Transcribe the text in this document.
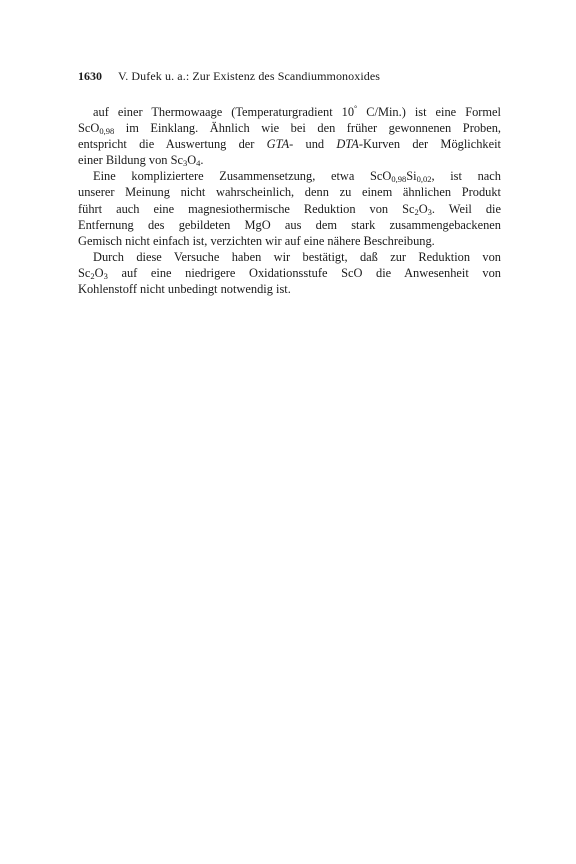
1630	V. Dufek u. a.: Zur Existenz des Scandiummonoxides

auf einer Thermowaage (Temperaturgradient 10° C/Min.) ist eine Formel
ScO$_{0,98}$ im Einklang. Ähnlich wie bei den früher gewonnenen Proben,
entspricht die Auswertung der GTA- und DTA-Kurven der Möglichkeit
einer Bildung von $Sc_3O_4$.

Eine kompliziertere Zusammensetzung, etwa $ScO_{0,98}Si_{0,02}$, ist nach
unserer Meinung nicht wahrscheinlich, denn zu einem ähnlichen Produkt
führt auch eine magnesiothermische Reduktion von $Sc_2O_3$. Weil die
Entfernung des gebildeten MgO aus dem stark zusammengebackenen
Gemisch nicht einfach ist, verzichten wir auf eine nähere Beschreibung.

Durch diese Versuche haben wir bestätigt, daß zur Reduktion von
$Sc_2O_3$ auf eine niedrigere Oxidationsstufe ScO die Anwesenheit von
Kohlenstoff nicht unbedingt notwendig ist.
